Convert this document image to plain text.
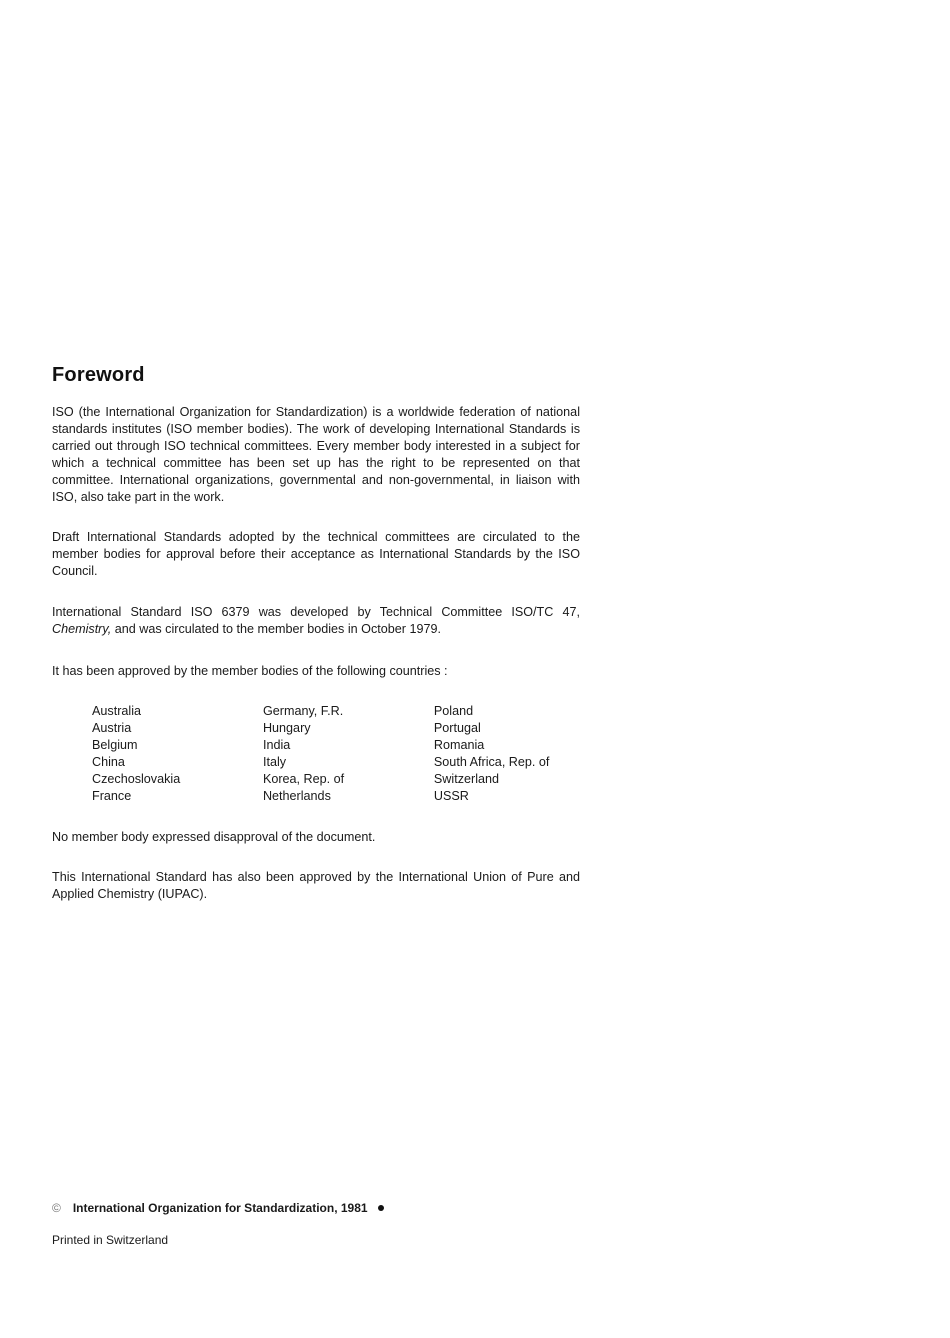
Foreword

ISO (the International Organization for Standardization) is a worldwide federation of national standards institutes (ISO member bodies). The work of developing International Standards is carried out through ISO technical committees. Every member body interested in a subject for which a technical committee has been set up has the right to be represented on that committee. International organizations, governmental and non-governmental, in liaison with ISO, also take part in the work.

Draft International Standards adopted by the technical committees are circulated to the member bodies for approval before their acceptance as International Standards by the ISO Council.

International Standard ISO 6379 was developed by Technical Committee ISO/TC 47, Chemistry, and was circulated to the member bodies in October 1979.

It has been approved by the member bodies of the following countries :

Australia
Austria
Belgium
China
Czechoslovakia
France
Germany, F.R.
Hungary
India
Italy
Korea, Rep. of
Netherlands
Poland
Portugal
Romania
South Africa, Rep. of
Switzerland
USSR

No member body expressed disapproval of the document.

This International Standard has also been approved by the International Union of Pure and Applied Chemistry (IUPAC).

© International Organization for Standardization, 1981
Printed in Switzerland
